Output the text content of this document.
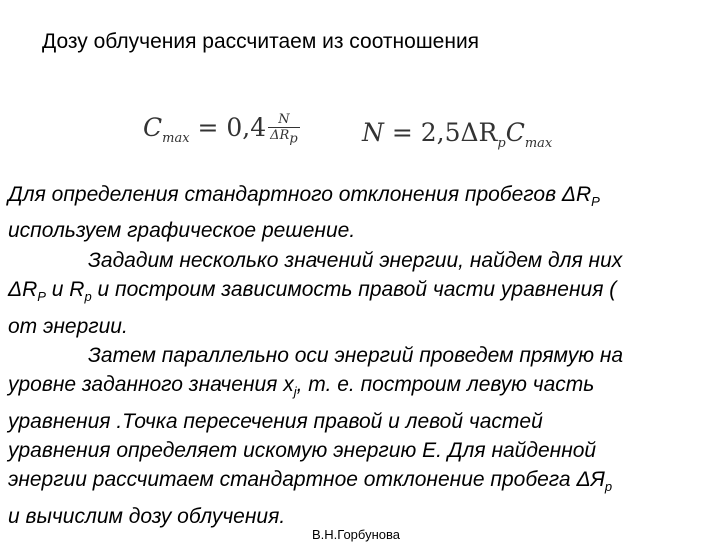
Дозу облучения рассчитаем из соотношения
$C_{max} = 0,4 \frac{N}{\Delta R_p}$ $N = 2,5\Delta R_pC_{max}$
Для определения стандартного отклонения пробегов $\Delta R_P$
используем графическое решение.
Зададим несколько значений энергии, найдем для них
$\Delta R_P$ и $R_p$ и построим зависимость правой части уравнения (
от энергии.
Затем параллельно оси энергий проведем прямую на
уровне заданного значения $x_j$, т. е. построим левую часть
уравнения .Точка пересечения правой и левой частей
уравнения определяет искомую энергию E. Для найденной
энергии рассчитаем стандартное отклонение пробега $\Delta Я_p$
и вычислим дозу облучения.
В.Н.Горбунова
